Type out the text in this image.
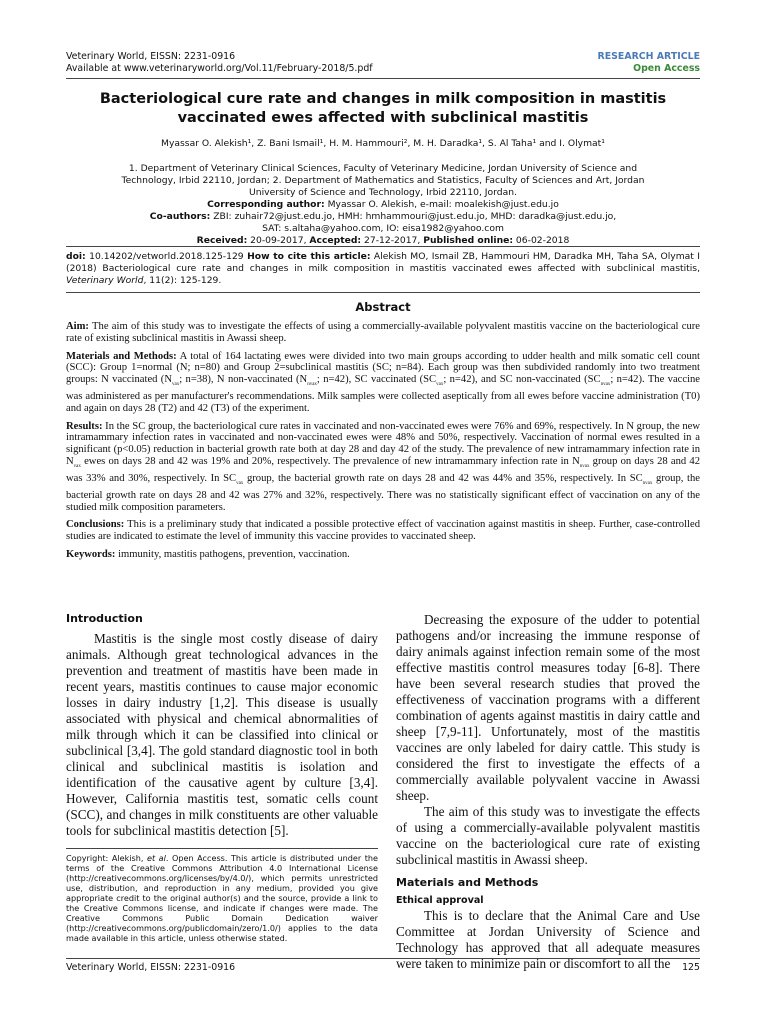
Veterinary World, EISSN: 2231-0916
Available at www.veterinaryworld.org/Vol.11/February-2018/5.pdf
RESEARCH ARTICLE
Open Access
Bacteriological cure rate and changes in milk composition in mastitis
vaccinated ewes affected with subclinical mastitis
Myassar O. Alekish¹, Z. Bani Ismail¹, H. M. Hammouri², M. H. Daradka¹, S. Al Taha¹ and I. Olymat¹
1. Department of Veterinary Clinical Sciences, Faculty of Veterinary Medicine, Jordan University of Science and
Technology, Irbid 22110, Jordan; 2. Department of Mathematics and Statistics, Faculty of Sciences and Art, Jordan
University of Science and Technology, Irbid 22110, Jordan.
Corresponding author: Myassar O. Alekish, e-mail: moalekish@just.edu.jo
Co-authors: ZBI: zuhair72@just.edu.jo, HMH: hmhammouri@just.edu.jo, MHD: daradka@just.edu.jo,
SAT: s.altaha@yahoo.com, IO: eisa1982@yahoo.com
Received: 20-09-2017, Accepted: 27-12-2017, Published online: 06-02-2018
doi: 10.14202/vetworld.2018.125-129 How to cite this article: Alekish MO, Ismail ZB, Hammouri HM, Daradka MH, Taha SA, Olymat I (2018) Bacteriological cure rate and changes in milk composition in mastitis vaccinated ewes affected with subclinical mastitis, Veterinary World, 11(2): 125-129.
Abstract

Aim: The aim of this study was to investigate the effects of using a commercially-available polyvalent mastitis vaccine on the bacteriological cure rate of existing subclinical mastitis in Awassi sheep.

Materials and Methods: A total of 164 lactating ewes were divided into two main groups according to udder health and milk somatic cell count (SCC): Group 1=normal (N; n=80) and Group 2=subclinical mastitis (SC; n=84). Each group was then subdivided randomly into two treatment groups: N vaccinated ($N_{vax}$; n=38), N non-vaccinated ($N_{nvax}$; n=42), SC vaccinated ($SC_{vax}$; n=42), and SC non-vaccinated ($SC_{nvax}$; n=42). The vaccine was administered as per manufacturer's recommendations. Milk samples were collected aseptically from all ewes before vaccine administration (T0) and again on days 28 (T2) and 42 (T3) of the experiment.

Results: In the SC group, the bacteriological cure rates in vaccinated and non-vaccinated ewes were 76% and 69%, respectively. In N group, the new intramammary infection rates in vaccinated and non-vaccinated ewes were 48% and 50%, respectively. Vaccination of normal ewes resulted in a significant (p<0.05) reduction in bacterial growth rate both at day 28 and day 42 of the study. The prevalence of new intramammary infection rate in $N_{vax}$ ewes on days 28 and 42 was 19% and 20%, respectively. The prevalence of new intramammary infection rate in $N_{nvax}$ group on days 28 and 42 was 33% and 30%, respectively. In $SC_{vax}$ group, the bacterial growth rate on days 28 and 42 was 44% and 35%, respectively. In $SC_{nvax}$ group, the bacterial growth rate on days 28 and 42 was 27% and 32%, respectively. There was no statistically significant effect of vaccination on any of the studied milk composition parameters.

Conclusions: This is a preliminary study that indicated a possible protective effect of vaccination against mastitis in sheep. Further, case-controlled studies are indicated to estimate the level of immunity this vaccine provides to vaccinated sheep.

Keywords: immunity, mastitis pathogens, prevention, vaccination.

Introduction

Mastitis is the single most costly disease of dairy animals. Although great technological advances in the prevention and treatment of mastitis have been made in recent years, mastitis continues to cause major economic losses in dairy industry [1,2]. This disease is usually associated with physical and chemical abnormalities of milk through which it can be classified into clinical or subclinical [3,4]. The gold standard diagnostic tool in both clinical and subclinical mastitis is isolation and identification of the causative agent by culture [3,4]. However, California mastitis test, somatic cells count (SCC), and changes in milk constituents are other valuable tools for subclinical mastitis detection [5].

Decreasing the exposure of the udder to potential pathogens and/or increasing the immune response of dairy animals against infection remain some of the most effective mastitis control measures today [6-8]. There have been several research studies that proved the effectiveness of vaccination programs with a different combination of agents against mastitis in dairy cattle and sheep [7,9-11]. Unfortunately, most of the mastitis vaccines are only labeled for dairy cattle. This study is considered the first to investigate the effects of a commercially available polyvalent vaccine in Awassi sheep.

The aim of this study was to investigate the effects of using a commercially-available polyvalent mastitis vaccine on the bacteriological cure rate of existing subclinical mastitis in Awassi sheep.

Materials and Methods
Ethical approval

This is to declare that the Animal Care and Use Committee at Jordan University of Science and Technology has approved that all adequate measures were taken to minimize pain or discomfort to all the

Copyright: Alekish, et al. Open Access. This article is distributed under the terms of the Creative Commons Attribution 4.0 International License (http://creativecommons.org/licenses/by/4.0/), which permits unrestricted use, distribution, and reproduction in any medium, provided you give appropriate credit to the original author(s) and the source, provide a link to the Creative Commons license, and indicate if changes were made. The Creative Commons Public Domain Dedication waiver (http://creativecommons.org/publicdomain/zero/1.0/) applies to the data made available in this article, unless otherwise stated.
Veterinary World, EISSN: 2231-0916	125
